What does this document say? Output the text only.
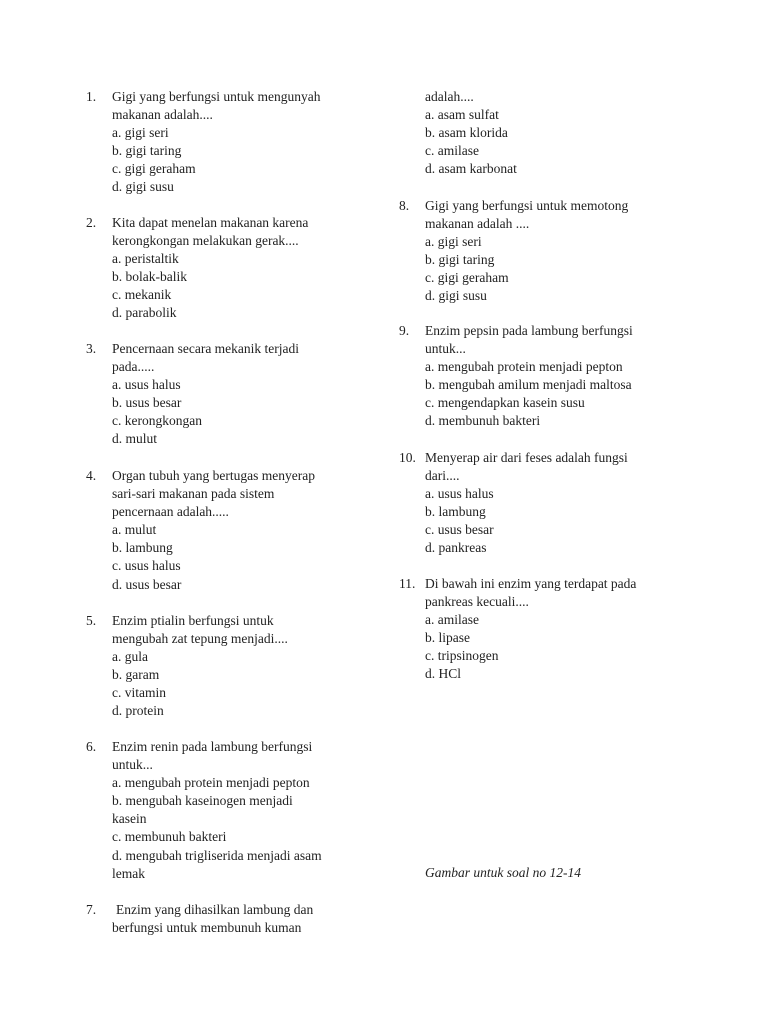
1. Gigi yang berfungsi untuk mengunyah
makanan adalah....
a. gigi seri
b. gigi taring
c. gigi geraham
d. gigi susu
2. Kita dapat menelan makanan karena
kerongkongan melakukan gerak....
a. peristaltik
b. bolak-balik
c. mekanik
d. parabolik
3. Pencernaan secara mekanik terjadi
pada.....
a. usus halus
b. usus besar
c. kerongkongan
d. mulut
4. Organ tubuh yang bertugas menyerap
sari-sari makanan pada sistem
pencernaan adalah.....
a. mulut
b. lambung
c. usus halus
d. usus besar
5. Enzim ptialin berfungsi untuk
mengubah zat tepung menjadi....
a. gula
b. garam
c. vitamin
d. protein
6. Enzim renin pada lambung berfungsi
untuk...
a. mengubah protein menjadi pepton
b. mengubah kaseinogen menjadi
kasein
c. membunuh bakteri
d. mengubah trigliserida menjadi asam
lemak
7. Enzim yang dihasilkan lambung dan
berfungsi untuk membunuh kuman
adalah....
a. asam sulfat
b. asam klorida
c. amilase
d. asam karbonat
8. Gigi yang berfungsi untuk memotong
makanan adalah ....
a. gigi seri
b. gigi taring
c. gigi geraham
d. gigi susu
9. Enzim pepsin pada lambung berfungsi
untuk...
a. mengubah protein menjadi pepton
b. mengubah amilum menjadi maltosa
c. mengendapkan kasein susu
d. membunuh bakteri
10. Menyerap air dari feses adalah fungsi
dari....
a. usus halus
b. lambung
c. usus besar
d. pankreas
11. Di bawah ini enzim yang terdapat pada
pankreas kecuali....
a. amilase
b. lipase
c. tripsinogen
d. HCl
Gambar untuk soal no 12-14
